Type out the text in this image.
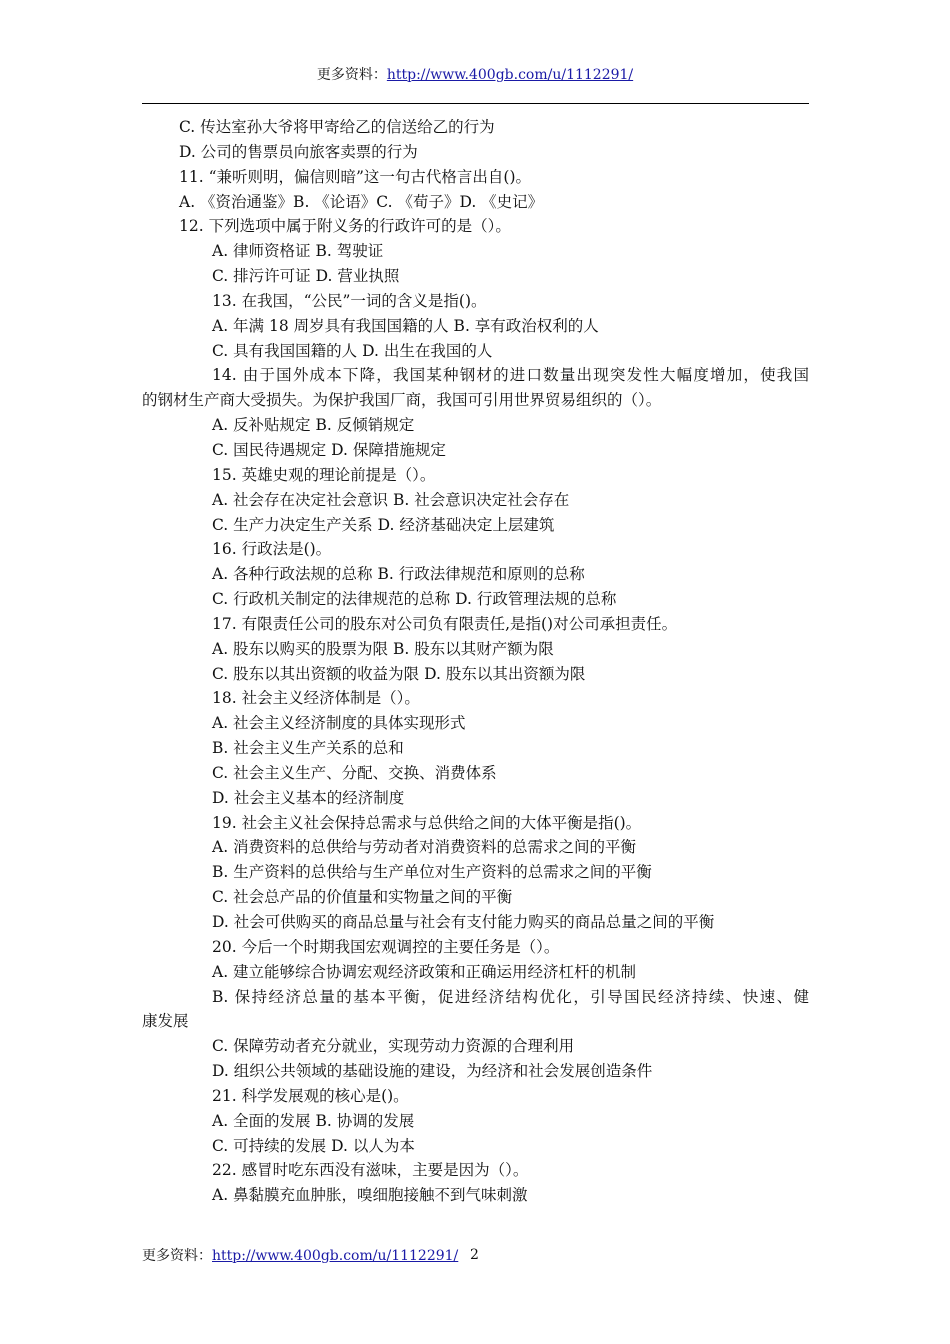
更多资料：http://www.400gb.com/u/1112291/
C. 传达室孙大爷将甲寄给乙的信送给乙的行为
D. 公司的售票员向旅客卖票的行为
11. “兼听则明，偏信则暗”这一句古代格言出自()。
A. 《资治通鉴》B. 《论语》C. 《荀子》D. 《史记》
12. 下列选项中属于附义务的行政许可的是（）。
A. 律师资格证 B. 驾驶证
C. 排污许可证 D. 营业执照
13. 在我国，“公民”一词的含义是指()。
A. 年满 18 周岁具有我国国籍的人 B. 享有政治权利的人
C. 具有我国国籍的人 D. 出生在我国的人
14. 由于国外成本下降，我国某种钢材的进口数量出现突发性大幅度增加，使我国
的钢材生产商大受损失。为保护我国厂商，我国可引用世界贸易组织的（）。
A. 反补贴规定 B. 反倾销规定
C. 国民待遇规定 D. 保障措施规定
15. 英雄史观的理论前提是（）。
A. 社会存在决定社会意识 B. 社会意识决定社会存在
C. 生产力决定生产关系 D. 经济基础决定上层建筑
16. 行政法是()。
A. 各种行政法规的总称 B. 行政法律规范和原则的总称
C. 行政机关制定的法律规范的总称 D. 行政管理法规的总称
17. 有限责任公司的股东对公司负有限责任,是指()对公司承担责任。
A. 股东以购买的股票为限 B. 股东以其财产额为限
C. 股东以其出资额的收益为限 D. 股东以其出资额为限
18. 社会主义经济体制是（）。
A. 社会主义经济制度的具体实现形式
B. 社会主义生产关系的总和
C. 社会主义生产、分配、交换、消费体系
D. 社会主义基本的经济制度
19. 社会主义社会保持总需求与总供给之间的大体平衡是指()。
A. 消费资料的总供给与劳动者对消费资料的总需求之间的平衡
B. 生产资料的总供给与生产单位对生产资料的总需求之间的平衡
C. 社会总产品的价值量和实物量之间的平衡
D. 社会可供购买的商品总量与社会有支付能力购买的商品总量之间的平衡
20. 今后一个时期我国宏观调控的主要任务是（）。
A. 建立能够综合协调宏观经济政策和正确运用经济杠杆的机制
B. 保持经济总量的基本平衡，促进经济结构优化，引导国民经济持续、快速、健
康发展
C. 保障劳动者充分就业，实现劳动力资源的合理利用
D. 组织公共领域的基础设施的建设，为经济和社会发展创造条件
21. 科学发展观的核心是()。
A. 全面的发展 B. 协调的发展
C. 可持续的发展 D. 以人为本
22. 感冒时吃东西没有滋味，主要是因为（）。
A. 鼻黏膜充血肿胀，嗅细胞接触不到气味刺激
更多资料：http://www.400gb.com/u/1112291/ 2
